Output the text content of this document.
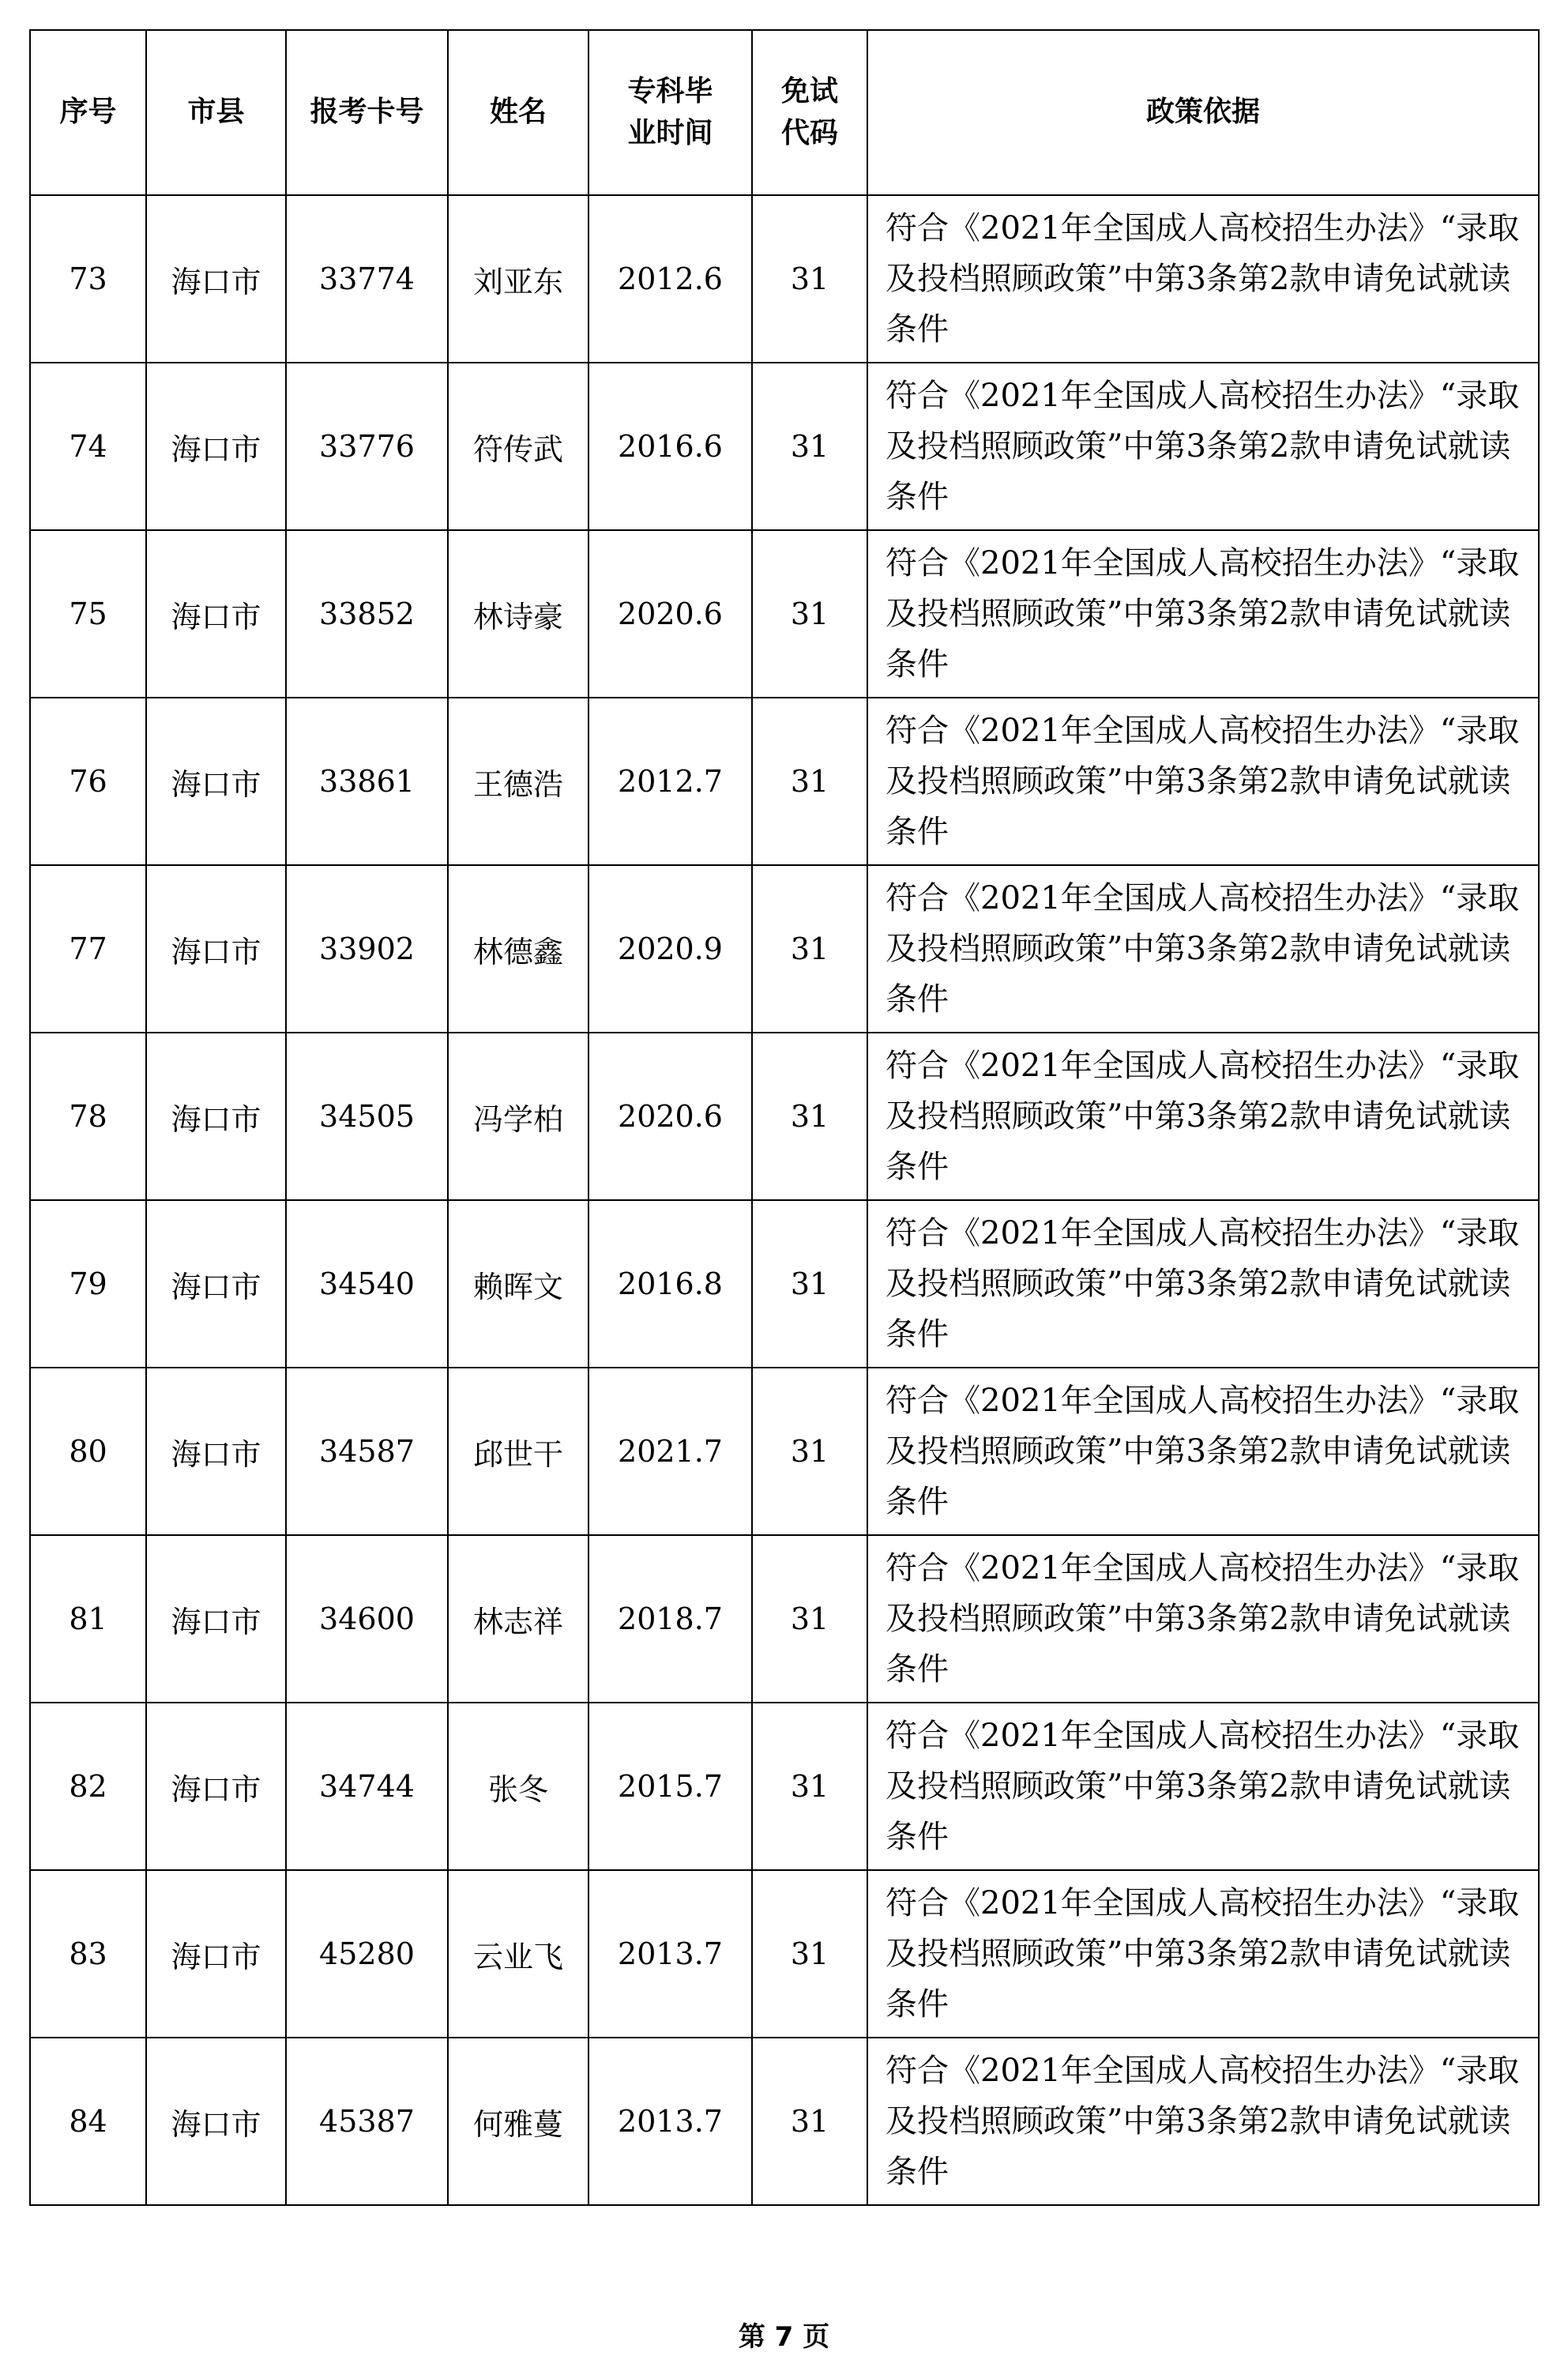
序号	市县	报考卡号	姓名	专科毕业时间	免试代码	政策依据
73	海口市	33774	刘亚东	2012.6	31	符合《2021年全国成人高校招生办法》“录取及投档照顾政策”中第3条第2款申请免试就读条件
74	海口市	33776	符传武	2016.6	31	符合《2021年全国成人高校招生办法》“录取及投档照顾政策”中第3条第2款申请免试就读条件
75	海口市	33852	林诗豪	2020.6	31	符合《2021年全国成人高校招生办法》“录取及投档照顾政策”中第3条第2款申请免试就读条件
76	海口市	33861	王德浩	2012.7	31	符合《2021年全国成人高校招生办法》“录取及投档照顾政策”中第3条第2款申请免试就读条件
77	海口市	33902	林德鑫	2020.9	31	符合《2021年全国成人高校招生办法》“录取及投档照顾政策”中第3条第2款申请免试就读条件
78	海口市	34505	冯学柏	2020.6	31	符合《2021年全国成人高校招生办法》“录取及投档照顾政策”中第3条第2款申请免试就读条件
79	海口市	34540	赖晖文	2016.8	31	符合《2021年全国成人高校招生办法》“录取及投档照顾政策”中第3条第2款申请免试就读条件
80	海口市	34587	邱世干	2021.7	31	符合《2021年全国成人高校招生办法》“录取及投档照顾政策”中第3条第2款申请免试就读条件
81	海口市	34600	林志祥	2018.7	31	符合《2021年全国成人高校招生办法》“录取及投档照顾政策”中第3条第2款申请免试就读条件
82	海口市	34744	张冬	2015.7	31	符合《2021年全国成人高校招生办法》“录取及投档照顾政策”中第3条第2款申请免试就读条件
83	海口市	45280	云业飞	2013.7	31	符合《2021年全国成人高校招生办法》“录取及投档照顾政策”中第3条第2款申请免试就读条件
84	海口市	45387	何雅蔓	2013.7	31	符合《2021年全国成人高校招生办法》“录取及投档照顾政策”中第3条第2款申请免试就读条件
第 7 页
